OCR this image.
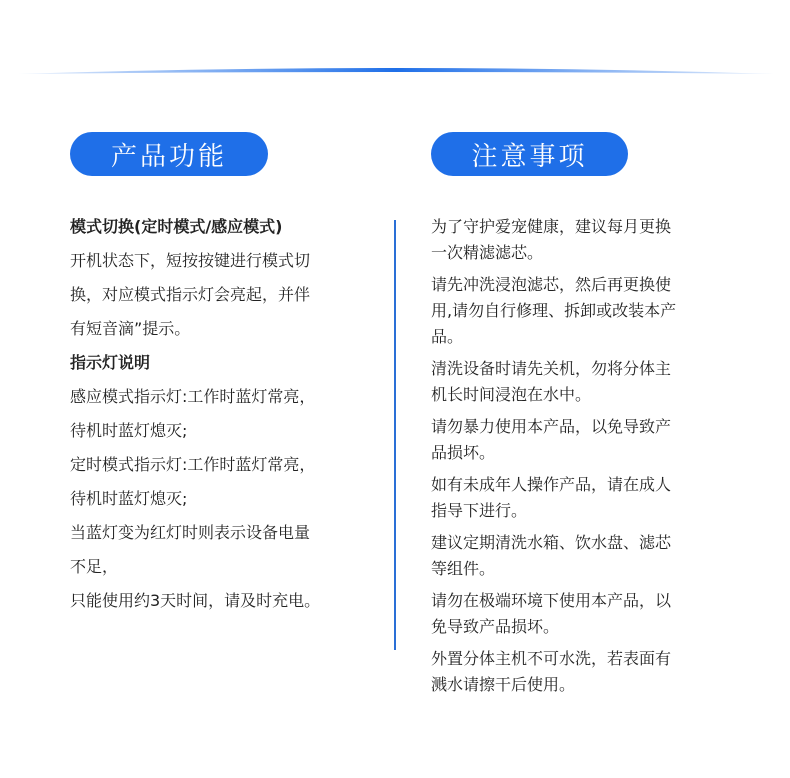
产品功能	注意事项
模式切换(定时模式/感应模式)
开机状态下，短按按键进行模式切
换，对应模式指示灯会亮起，并伴
有短音滴”提示。
指示灯说明
感应模式指示灯:工作时蓝灯常亮，
待机时蓝灯熄灭;
定时模式指示灯:工作时蓝灯常亮，
待机时蓝灯熄灭;
当蓝灯变为红灯时则表示设备电量
不足，
只能使用约3天时间，请及时充电。
为了守护爱宠健康，建议每月更换
一次精滤滤芯。
请先冲洗浸泡滤芯，然后再更换使
用,请勿自行修理、拆卸或改装本产
品。
清洗设备时请先关机，勿将分体主
机长时间浸泡在水中。
请勿暴力使用本产品，以免导致产
品损坏。
如有未成年人操作产品，请在成人
指导下进行。
建议定期清洗水箱、饮水盘、滤芯
等组件。
请勿在极端环境下使用本产品，以
免导致产品损坏。
外置分体主机不可水洗，若表面有
溅水请擦干后使用。
